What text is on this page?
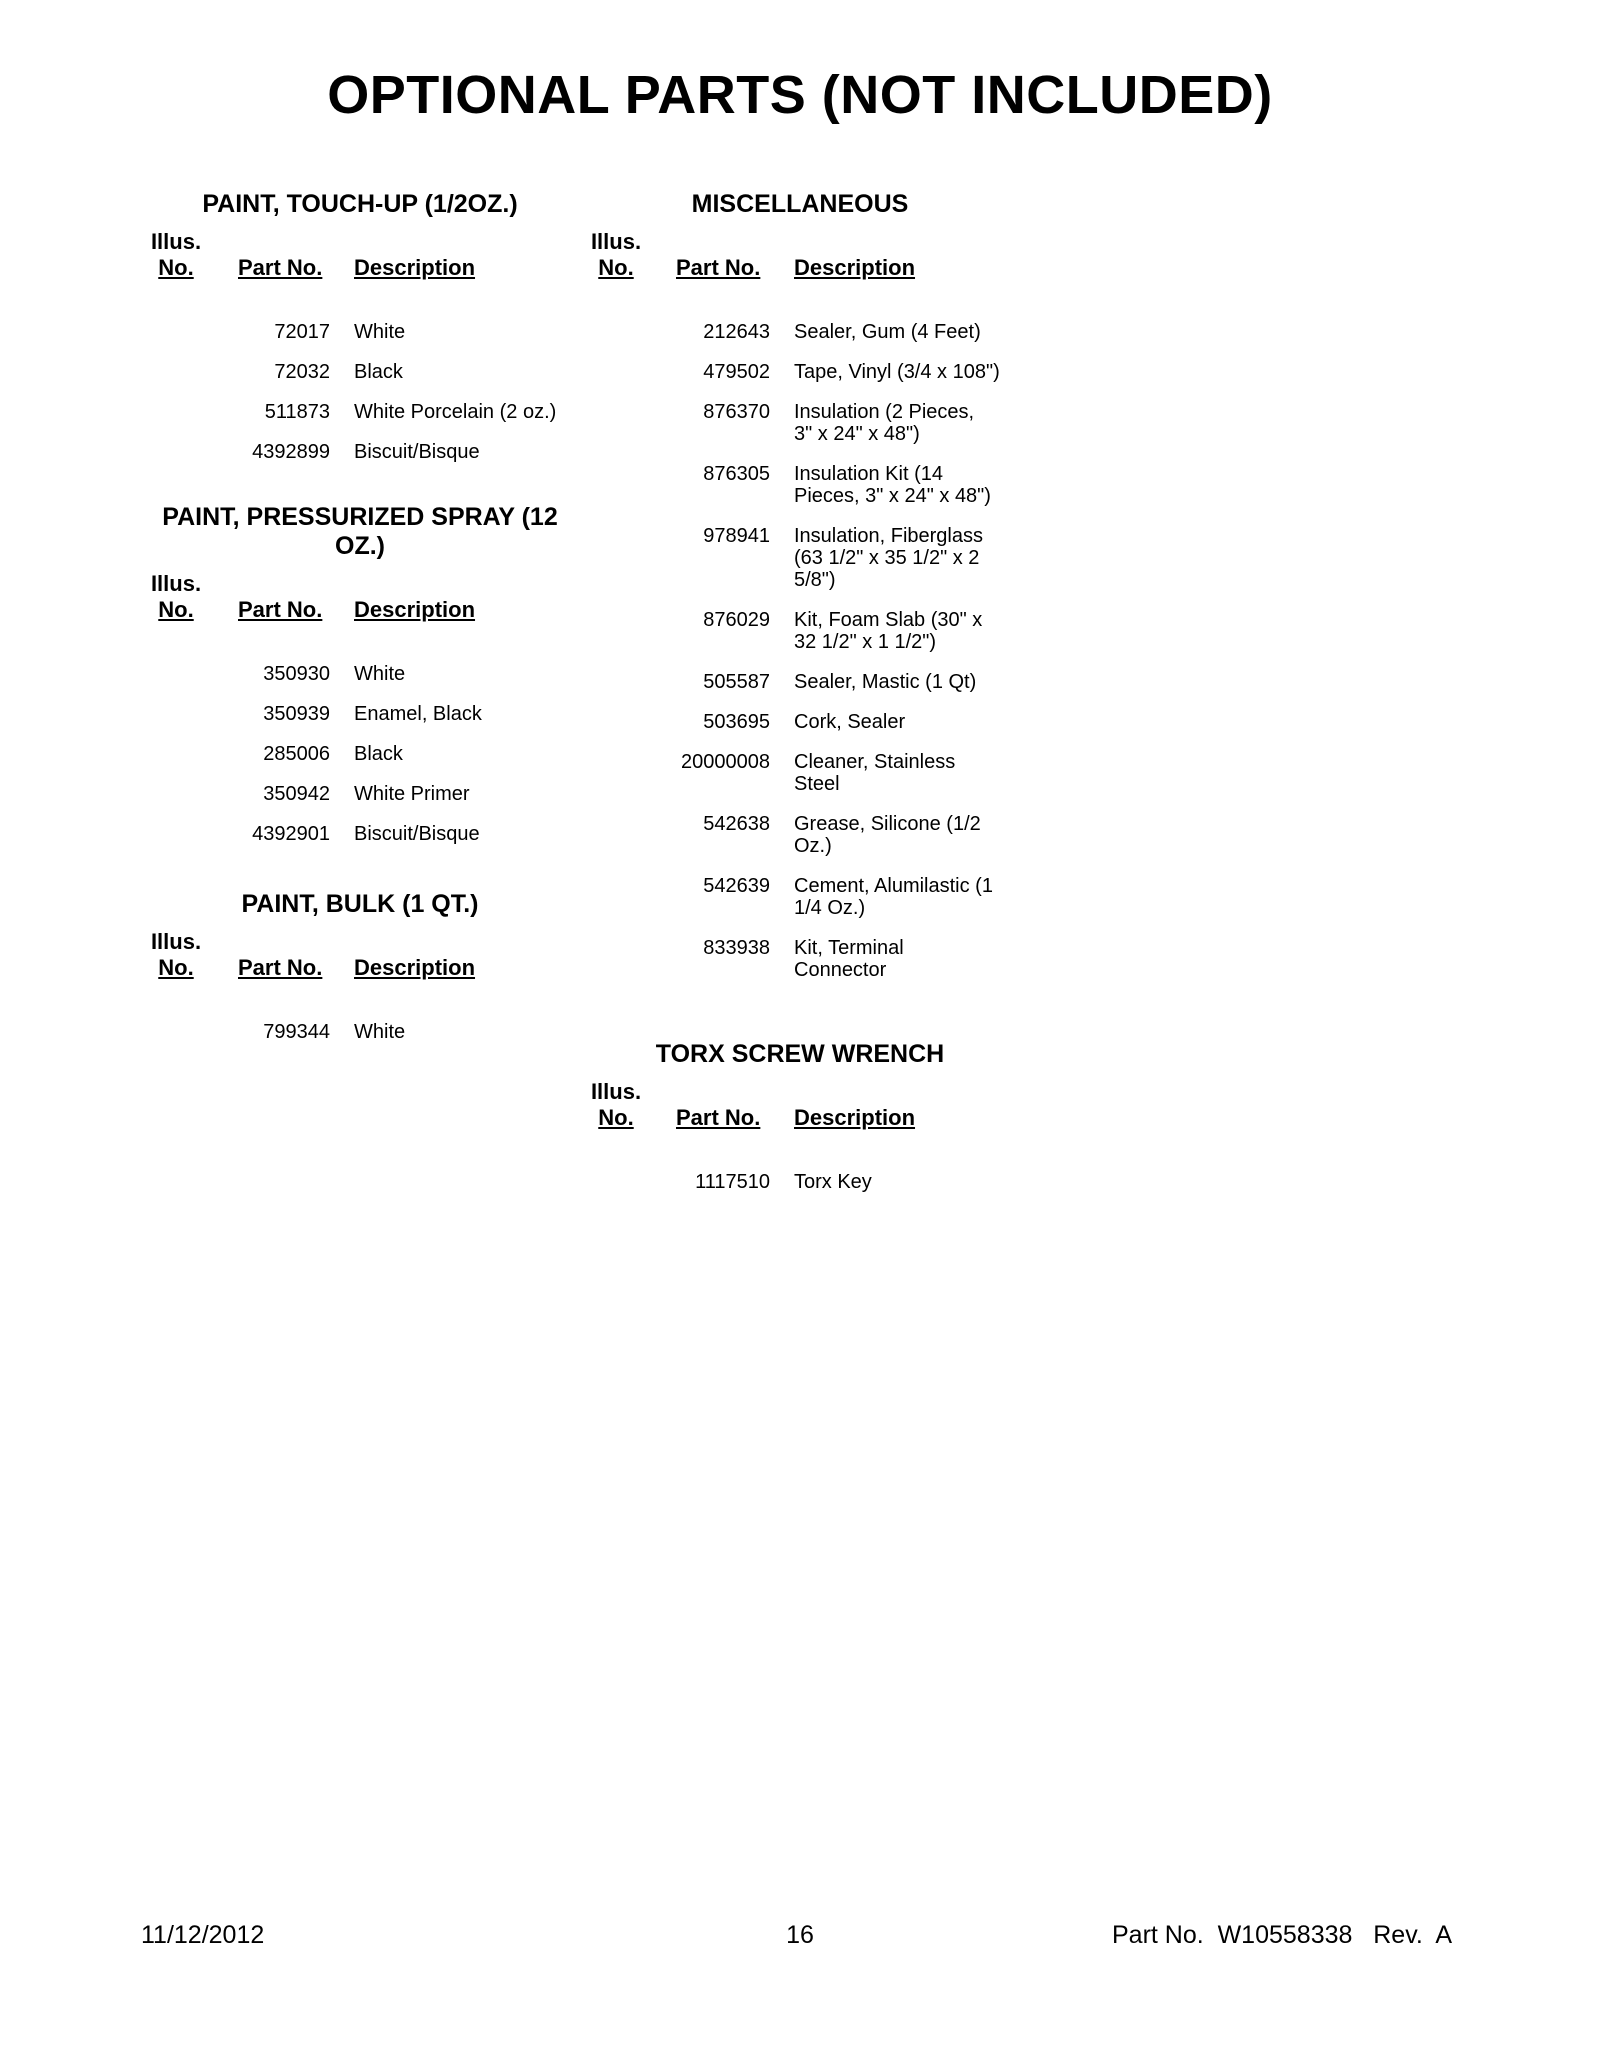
OPTIONAL PARTS (NOT INCLUDED)
PAINT, TOUCH-UP (1/2OZ.)
Illus.
No.	Part No. Description
72017 White
72032 Black
511873 White Porcelain (2 oz.)
4392899 Biscuit/Bisque
PAINT, PRESSURIZED SPRAY (12 OZ.)
Illus.
No.	Part No. Description
350930 White
350939 Enamel, Black
285006 Black
350942 White Primer
4392901 Biscuit/Bisque
PAINT, BULK (1 QT.)
Illus.
No.	Part No. Description
799344 White
MISCELLANEOUS
Illus.
No.	Part No. Description
212643 Sealer, Gum (4 Feet)
479502 Tape, Vinyl (3/4 x 108")
876370 Insulation (2 Pieces, 3" x 24" x 48")
876305 Insulation Kit (14 Pieces, 3" x 24" x 48")
978941 Insulation, Fiberglass (63 1/2" x 35 1/2" x 2 5/8")
876029 Kit, Foam Slab (30" x 32 1/2" x 1 1/2")
505587 Sealer, Mastic (1 Qt)
503695 Cork, Sealer
20000008 Cleaner, Stainless Steel
542638 Grease, Silicone (1/2 Oz.)
542639 Cement, Alumilastic (1 1/4 Oz.)
833938 Kit, Terminal Connector
TORX SCREW WRENCH
Illus.
No.	Part No. Description
1117510 Torx Key
11/12/2012	16	Part No.  W10558338   Rev.  A
